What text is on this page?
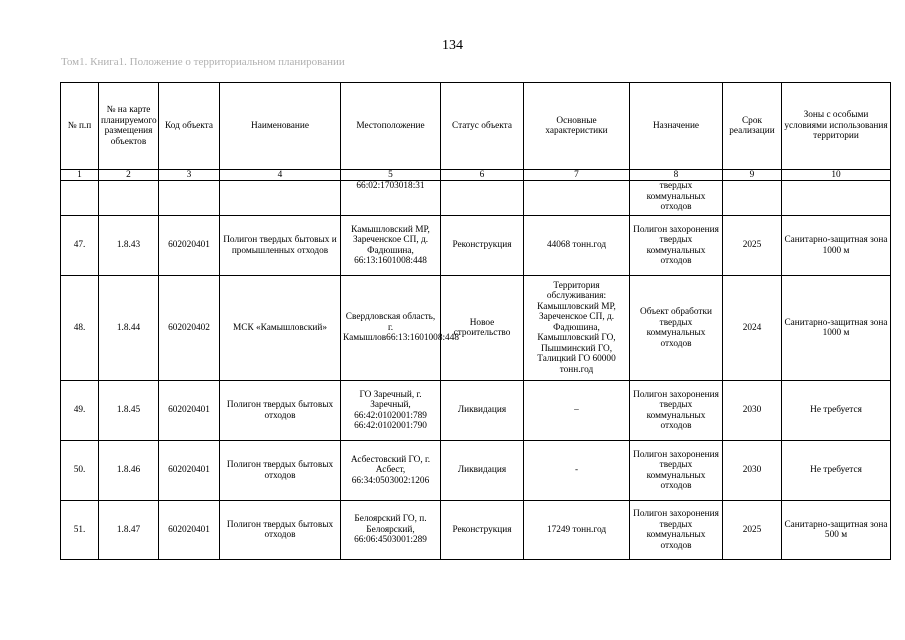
134
Том1. Книга1. Положение о территориальном планировании
№ п.п	№ на карте планируемого размещения объектов	Код объекта	Наименование	Местоположение	Статус объекта	Основные характеристики	Назначение	Срок реализации	Зоны с особыми условиями использования территории
1	2	3	4	5	6	7	8	9	10
				66:02:1703018:31			твердых коммунальных отходов		
47.	1.8.43	602020401	Полигон твердых бытовых и промышленных отходов	Камышловский МР, Зареченское СП, д. Фадюшина, 66:13:1601008:448	Реконструкция	44068 тонн.год	Полигон захоронения твердых коммунальных отходов	2025	Санитарно-защитная зона 1000 м
48.	1.8.44	602020402	МСК «Камышловский»	Свердловская область, г. Камышлов66:13:1601008:448	Новое строительство	Территория обслуживания: Камышловский МР, Зареченское СП, д. Фадюшина, Камышловский ГО, Пышминский ГО, Талицкий ГО 60000 тонн.год	Объект обработки твердых коммунальных отходов	2024	Санитарно-защитная зона 1000 м
49.	1.8.45	602020401	Полигон твердых бытовых отходов	ГО Заречный, г. Заречный, 66:42:0102001:789 66:42:0102001:790	Ликвидация	–	Полигон захоронения твердых коммунальных отходов	2030	Не требуется
50.	1.8.46	602020401	Полигон твердых бытовых отходов	Асбестовский ГО, г. Асбест, 66:34:0503002:1206	Ликвидация	-	Полигон захоронения твердых коммунальных отходов	2030	Не требуется
51.	1.8.47	602020401	Полигон твердых бытовых отходов	Белоярский ГО, п. Белоярский, 66:06:4503001:289	Реконструкция	17249 тонн.год	Полигон захоронения твердых коммунальных отходов	2025	Санитарно-защитная зона 500 м
